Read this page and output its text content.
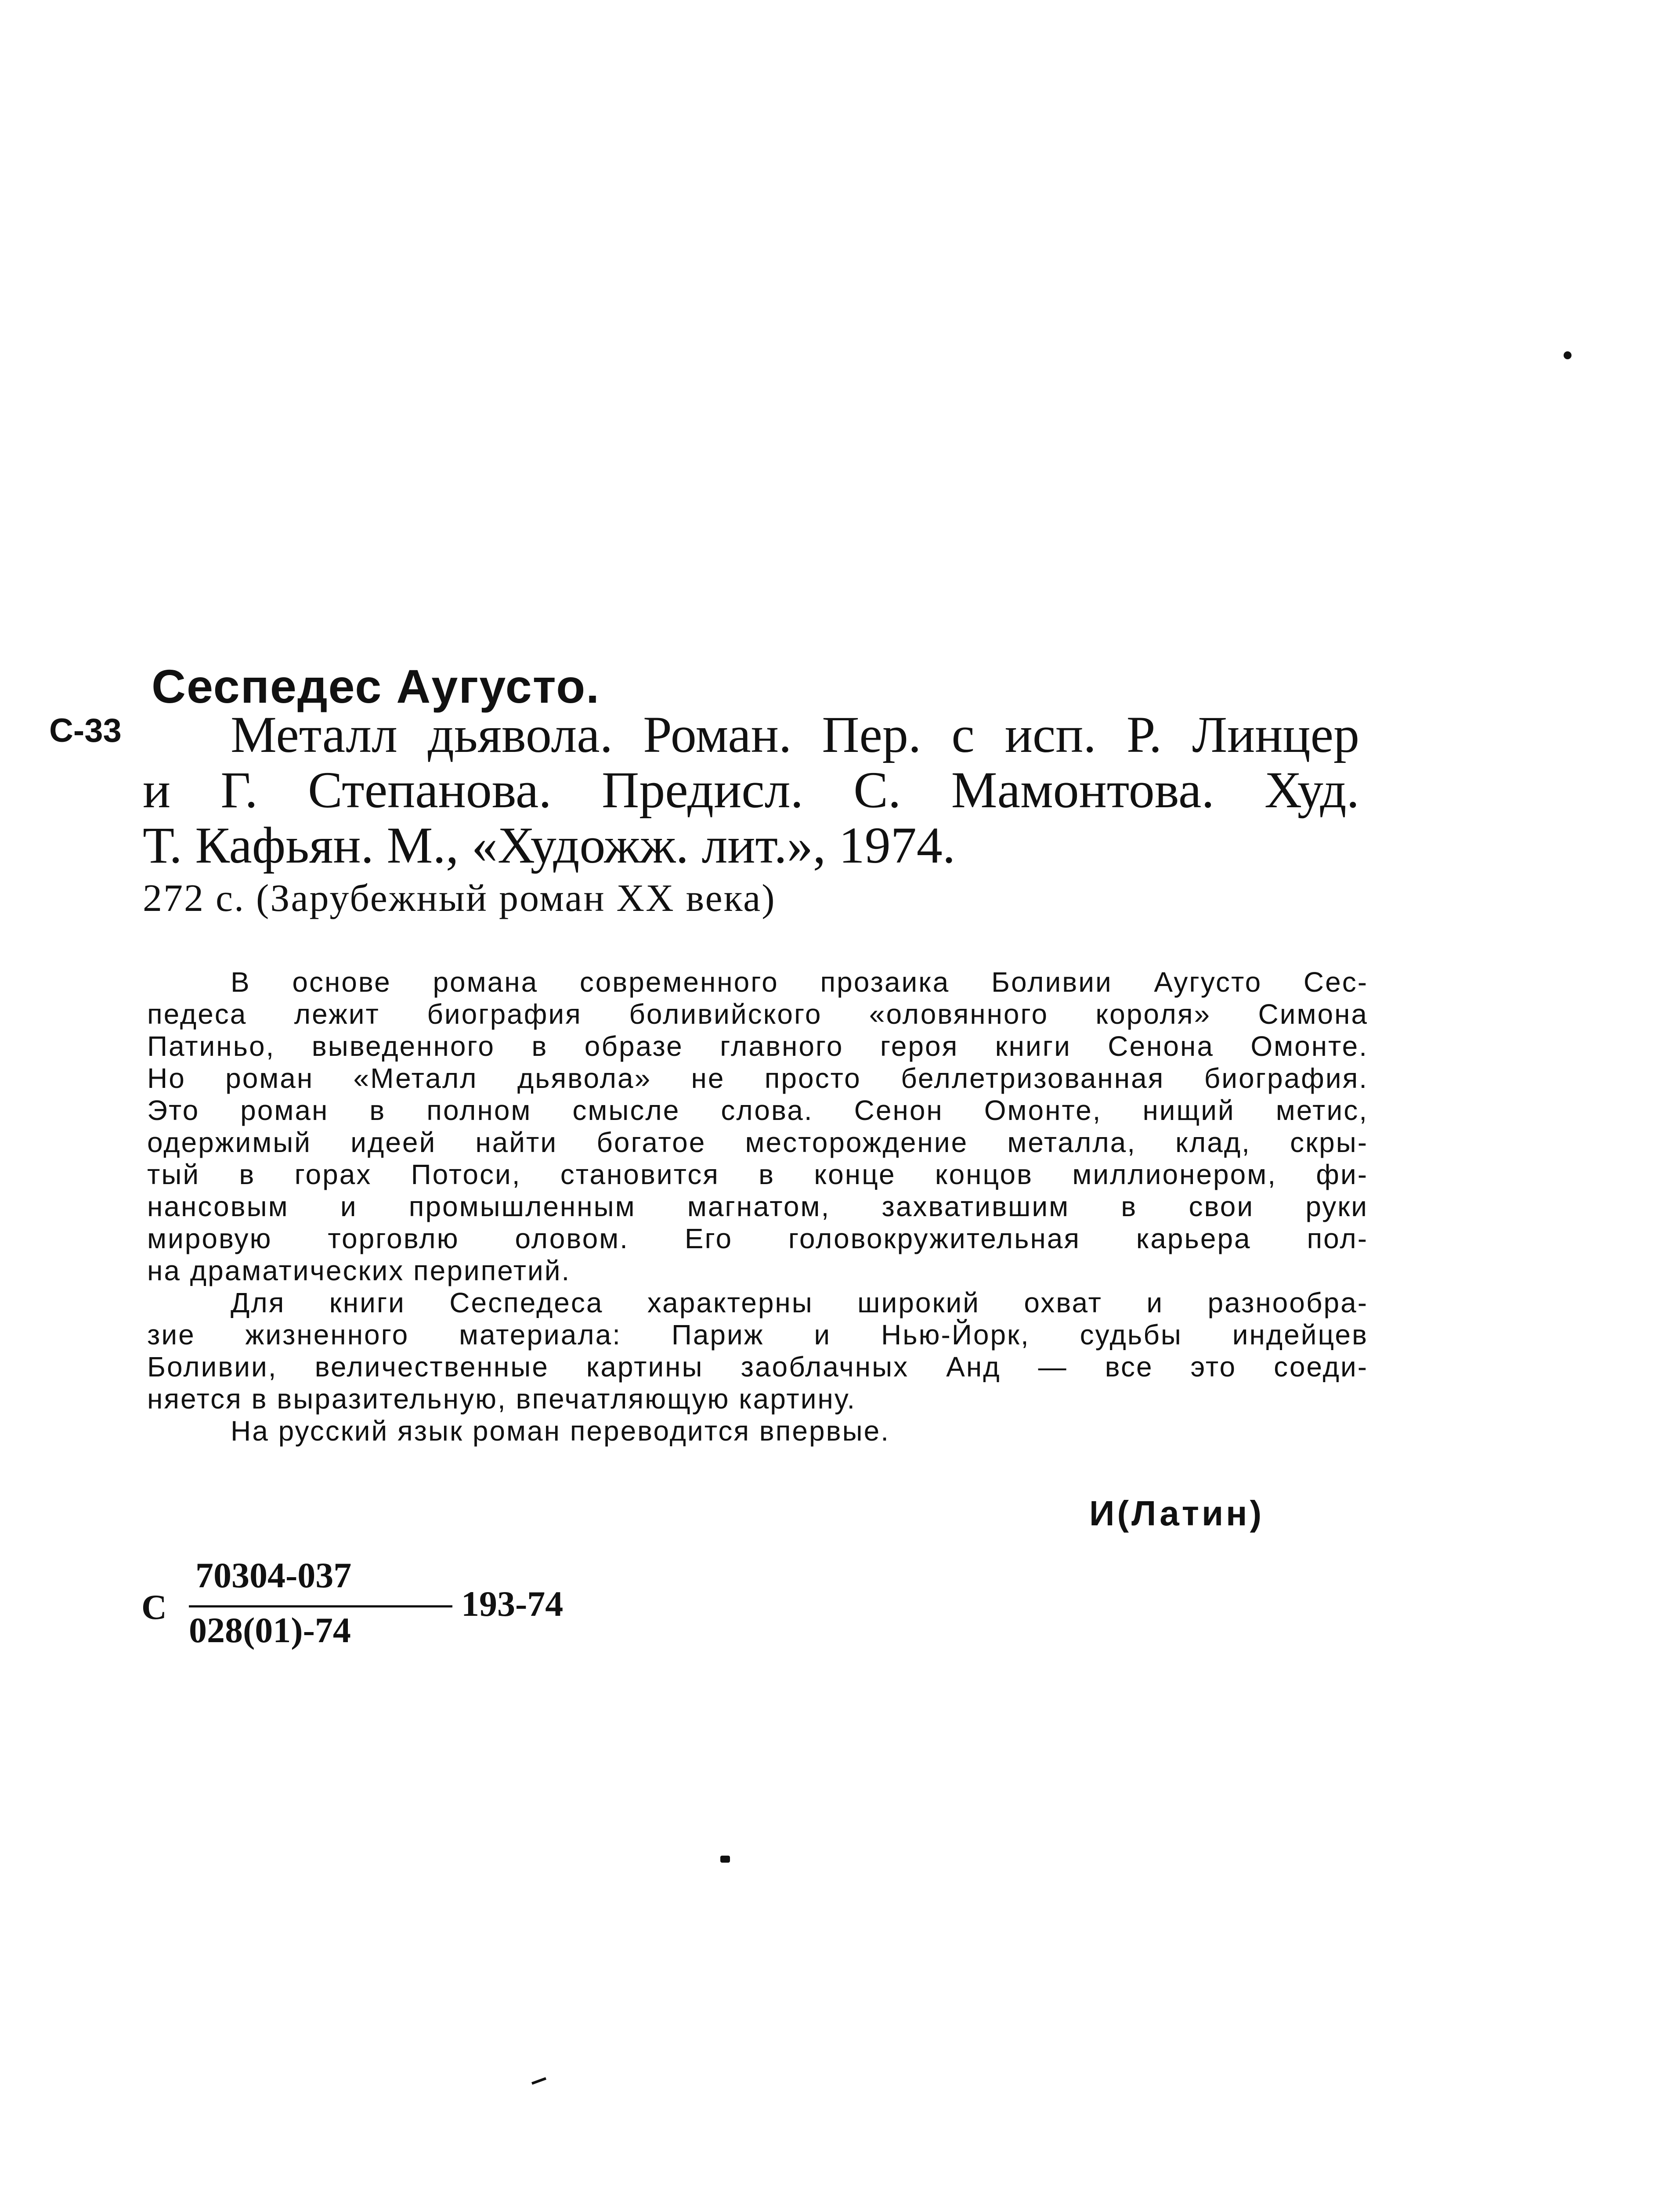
Сеспедес Аугусто.
С-33	Металл дьявола. Роман. Пер. с исп. Р. Линцер
и Г. Степанова. Предисл. С. Мамонтова. Худ.
Т. Кафьян. М., «Художж. лит.», 1974.
272 с. (Зарубежный роман XX века)
В основе романа современного прозаика Боливии Аугусто Сес-
педеса лежит биография боливийского «оловянного короля» Симона
Патиньо, выведенного в образе главного героя книги Сенона Омонте.
Но роман «Металл дьявола» не просто беллетризованная биография.
Это роман в полном смысле слова. Сенон Омонте, нищий метис,
одержимый идеей найти богатое месторождение металла, клад, скры-
тый в горах Потоси, становится в конце концов миллионером, фи-
нансовым и промышленным магнатом, захватившим в свои руки
мировую торговлю оловом. Его головокружительная карьера пол-
на драматических перипетий.
Для книги Сеспедеса характерны широкий охват и разнообра-
зие жизненного материала: Париж и Нью-Йорк, судьбы индейцев
Боливии, величественные картины заоблачных Анд — все это соеди-
няется в выразительную, впечатляющую картину.
На русский язык роман переводится впервые.
И(Латин)
С
70304-037
028(01)-74
193-74
